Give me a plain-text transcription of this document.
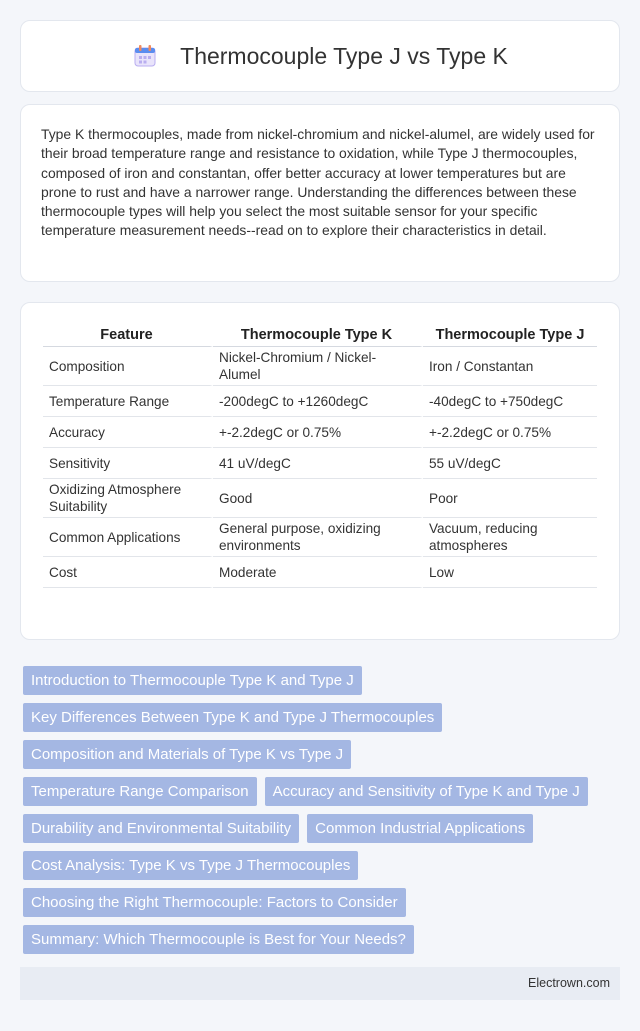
Thermocouple Type J vs Type K

Type K thermocouples, made from nickel-chromium and nickel-alumel, are widely used for their broad temperature range and resistance to oxidation, while Type J thermocouples, composed of iron and constantan, offer better accuracy at lower temperatures but are prone to rust and have a narrower range. Understanding the differences between these thermocouple types will help you select the most suitable sensor for your specific temperature measurement needs--read on to explore their characteristics in detail.

Feature	Thermocouple Type K	Thermocouple Type J
Composition	Nickel-Chromium / Nickel-Alumel	Iron / Constantan
Temperature Range	-200degC to +1260degC	-40degC to +750degC
Accuracy	+-2.2degC or 0.75%	+-2.2degC or 0.75%
Sensitivity	41 uV/degC	55 uV/degC
Oxidizing Atmosphere Suitability	Good	Poor
Common Applications	General purpose, oxidizing environments	Vacuum, reducing atmospheres
Cost	Moderate	Low
Introduction to Thermocouple Type K and Type J
Key Differences Between Type K and Type J Thermocouples
Composition and Materials of Type K vs Type J
Temperature Range Comparison	Accuracy and Sensitivity of Type K and Type J
Durability and Environmental Suitability	Common Industrial Applications
Cost Analysis: Type K vs Type J Thermocouples
Choosing the Right Thermocouple: Factors to Consider
Summary: Which Thermocouple is Best for Your Needs?
Electrown.com
